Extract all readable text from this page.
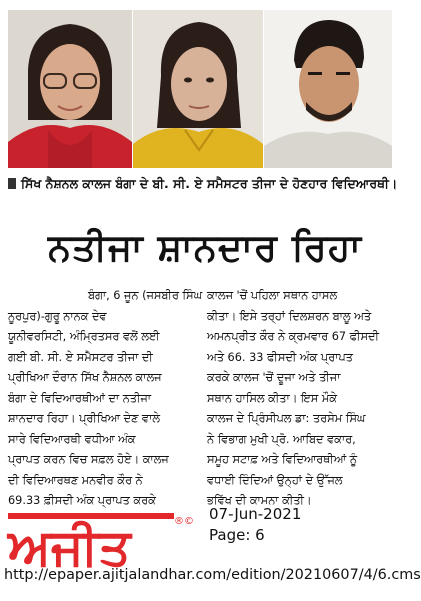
ਸਿੱਖ ਨੈਸ਼ਨਲ ਕਾਲਜ ਬੰਗਾ ਦੇ ਬੀ. ਸੀ. ਏ ਸਮੈਸਟਰ ਤੀਜਾ ਦੇ ਹੋਣਹਾਰ ਵਿਦਿਆਰਥੀ।
ਨਤੀਜਾ ਸ਼ਾਨਦਾਰ ਰਿਹਾ
ਬੰਗਾ, 6 ਜੂਨ (ਜਸਬੀਰ ਸਿੰਘ
ਨੂਰਪੁਰ)-ਗੁਰੂ ਨਾਨਕ ਦੇਵ
ਯੂਨੀਵਰਸਿਟੀ, ਅੰਮ੍ਰਿਤਸਰ ਵਲੋਂ ਲਈ
ਗਈ ਬੀ. ਸੀ. ਏ ਸਮੈਸਟਰ ਤੀਜਾ ਦੀ
ਪ੍ਰੀਖਿਆ ਦੌਰਾਨ ਸਿੱਖ ਨੈਸ਼ਨਲ ਕਾਲਜ
ਬੰਗਾ ਦੇ ਵਿਦਿਆਰਥੀਆਂ ਦਾ ਨਤੀਜਾ
ਸ਼ਾਨਦਾਰ ਰਿਹਾ। ਪ੍ਰੀਖਿਆ ਦੇਣ ਵਾਲੇ
ਸਾਰੇ ਵਿਦਿਆਰਥੀ ਵਧੀਆ ਅੰਕ
ਪ੍ਰਾਪਤ ਕਰਨ ਵਿਚ ਸਫ਼ਲ ਹੋਏ। ਕਾਲਜ
ਦੀ ਵਿਦਿਆਰਥਣ ਮਨਵੀਰ ਕੌਰ ਨੇ
69.33 ਫ਼ੀਸਦੀ ਅੰਕ ਪ੍ਰਾਪਤ ਕਰਕੇ
ਕਾਲਜ 'ਚੋਂ ਪਹਿਲਾ ਸਥਾਨ ਹਾਸਲ
ਕੀਤਾ। ਇਸੇ ਤਰ੍ਹਾਂ ਦਿਲਸ਼ਰਨ ਬਾਲੂ ਅਤੇ
ਅਮਨਪ੍ਰੀਤ ਕੌਰ ਨੇ ਕ੍ਰਮਵਾਰ 67 ਫੀਸਦੀ
ਅਤੇ 66. 33 ਫੀਸਦੀ ਅੰਕ ਪ੍ਰਾਪਤ
ਕਰਕੇ ਕਾਲਜ 'ਚੋਂ ਦੂਜਾ ਅਤੇ ਤੀਜਾ
ਸਥਾਨ ਹਾਸਿਲ ਕੀਤਾ। ਇਸ ਮੌਕੇ
ਕਾਲਜ ਦੇ ਪ੍ਰਿੰਸੀਪਲ ਡਾ: ਤਰਸੇਮ ਸਿੰਘ
ਨੇ ਵਿਭਾਗ ਮੁਖੀ ਪ੍ਰੋ. ਆਬਿਦ ਵਕਾਰ,
ਸਮੂਹ ਸਟਾਫ਼ ਅਤੇ ਵਿਦਿਆਰਥੀਆਂ ਨੂੰ
ਵਧਾਈ ਦਿੰਦਿਆਂ ਉਨ੍ਹਾਂ ਦੇ ਉੱਜਲ
ਭਵਿੱਖ ਦੀ ਕਾਮਨਾ ਕੀਤੀ।
ਅਜੀਤ	®© 07-Jun-2021
Page: 6
http://epaper.ajitjalandhar.com/edition/20210607/4/6.cms
